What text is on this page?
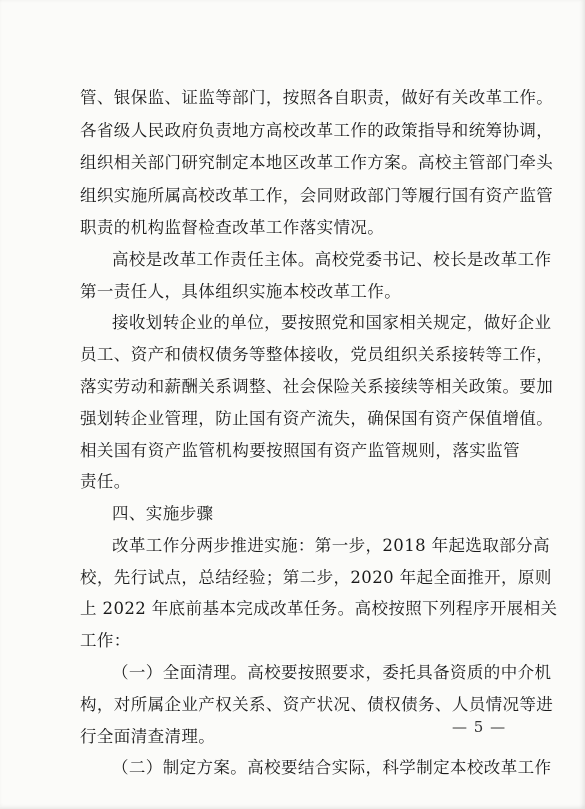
管、银保监、证监等部门，按照各自职责，做好有关改革工作。
各省级人民政府负责地方高校改革工作的政策指导和统筹协调，
组织相关部门研究制定本地区改革工作方案。高校主管部门牵头
组织实施所属高校改革工作，会同财政部门等履行国有资产监管
职责的机构监督检查改革工作落实情况。
高校是改革工作责任主体。高校党委书记、校长是改革工作
第一责任人，具体组织实施本校改革工作。
接收划转企业的单位，要按照党和国家相关规定，做好企业
员工、资产和债权债务等整体接收，党员组织关系接转等工作，
落实劳动和薪酬关系调整、社会保险关系接续等相关政策。要加
强划转企业管理，防止国有资产流失，确保国有资产保值增值。
相关国有资产监管机构要按照国有资产监管规则，落实监管
责任。
四、实施步骤
改革工作分两步推进实施：第一步，2018 年起选取部分高
校，先行试点，总结经验；第二步，2020 年起全面推开，原则
上 2022 年底前基本完成改革任务。高校按照下列程序开展相关
工作：
（一）全面清理。高校要按照要求，委托具备资质的中介机
构，对所属企业产权关系、资产状况、债权债务、人员情况等进
行全面清查清理。
（二）制定方案。高校要结合实际，科学制定本校改革工作
— 5 —
